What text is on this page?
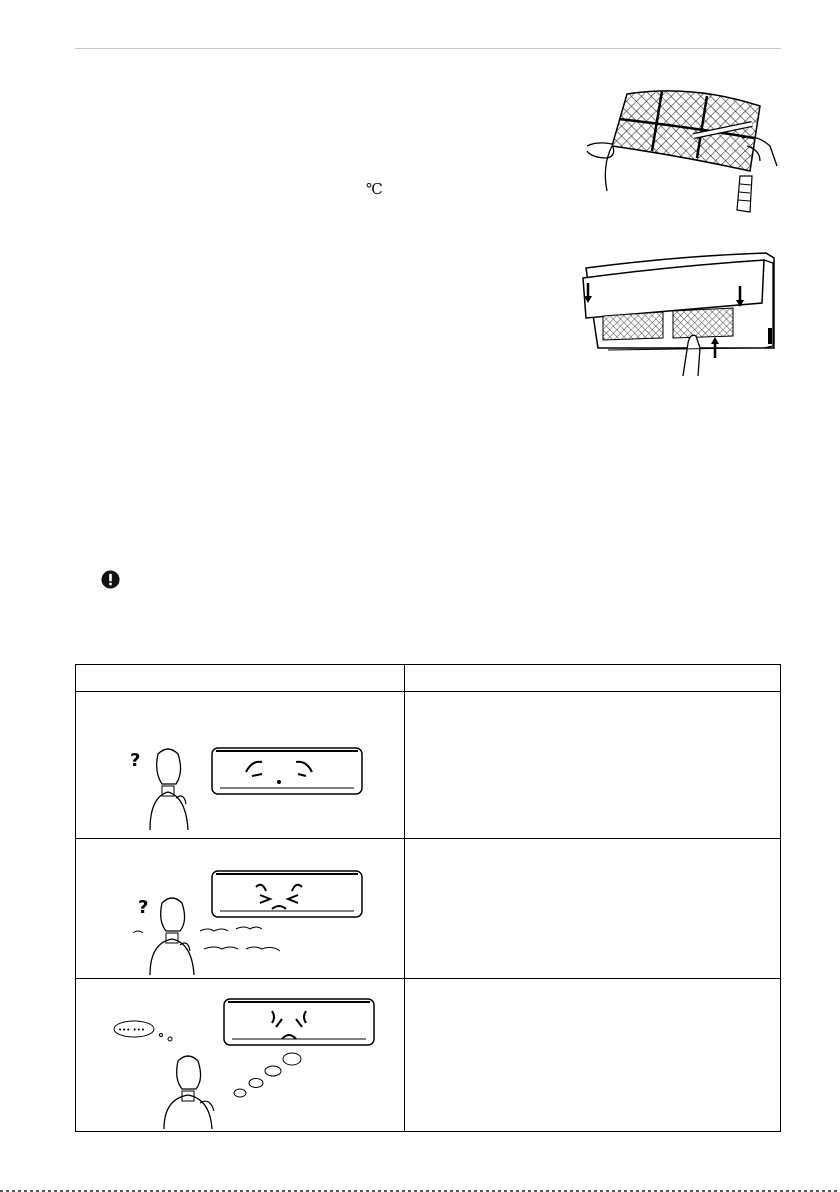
℃
?
?
••• •••
